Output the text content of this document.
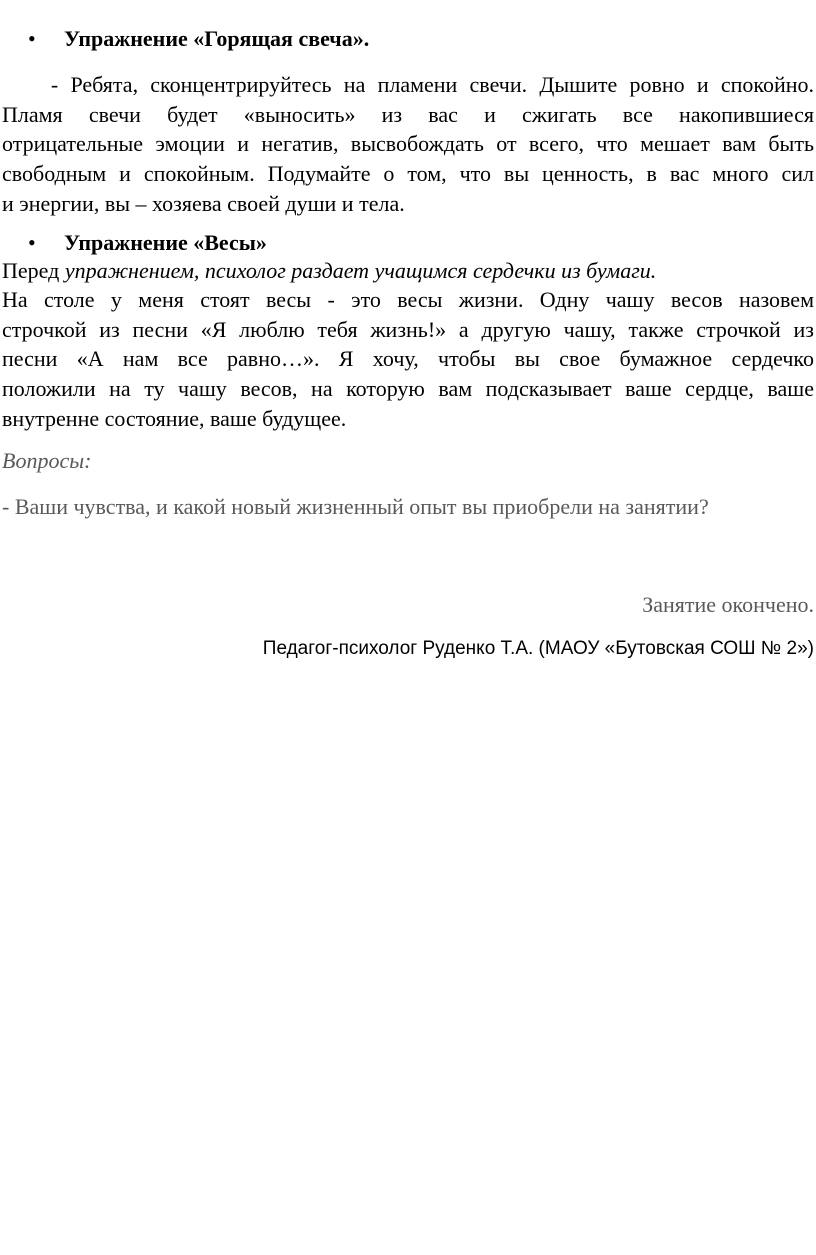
• Упражнение «Горящая свеча».
- Ребята, сконцентрируйтесь на пламени свечи. Дышите ровно и спокойно.
Пламя свечи будет «выносить» из вас и сжигать все накопившиеся
отрицательные эмоции и негатив, высвобождать от всего, что мешает вам быть
свободным и спокойным. Подумайте о том, что вы ценность, в вас много сил
и энергии, вы – хозяева своей души и тела.
• Упражнение «Весы»
Перед упражнением, психолог раздает учащимся сердечки из бумаги.
На столе у меня стоят весы - это весы жизни. Одну чашу весов назовем
строчкой из песни «Я люблю тебя жизнь!» а другую чашу, также строчкой из
песни «А нам все равно…». Я хочу, чтобы вы свое бумажное сердечко
положили на ту чашу весов, на которую вам подсказывает ваше сердце, ваше
внутренне состояние, ваше будущее.
Вопросы:
- Ваши чувства, и какой новый жизненный опыт вы приобрели на занятии?
Занятие окончено.
Педагог-психолог Руденко Т.А. (МАОУ «Бутовская СОШ № 2»)
